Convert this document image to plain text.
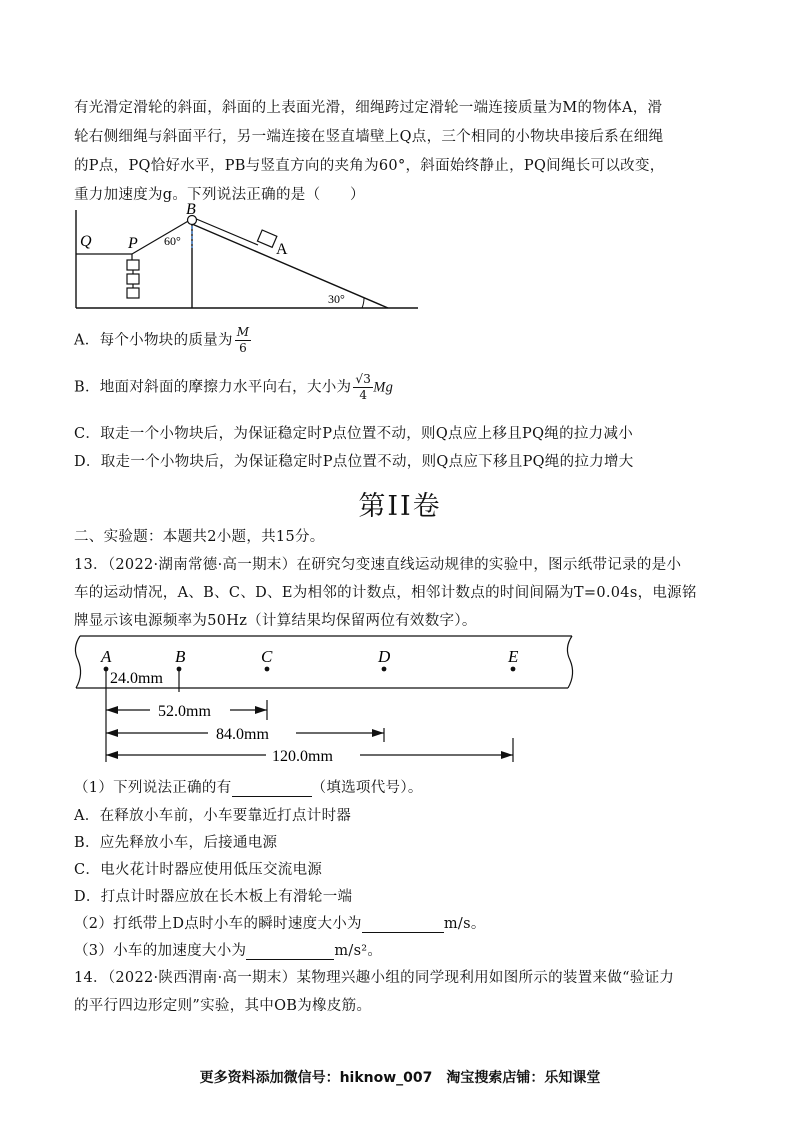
有光滑定滑轮的斜面，斜面的上表面光滑，细绳跨过定滑轮一端连接质量为M的物体A，滑
轮右侧细绳与斜面平行，另一端连接在竖直墙壁上Q点，三个相同的小物块串接后系在细绳
的P点，PQ恰好水平，PB与竖直方向的夹角为60°，斜面始终静止，PQ间绳长可以改变，
重力加速度为g。下列说法正确的是（　　）
Q P
B
A
60°
30°
A．每个小物块的质量为 $\frac{M}{6}$
B．地面对斜面的摩擦力水平向右，大小为 $\frac{√3}{4}$ Mg
C．取走一个小物块后，为保证稳定时P点位置不动，则Q点应上移且PQ绳的拉力减小
D．取走一个小物块后，为保证稳定时P点位置不动，则Q点应下移且PQ绳的拉力增大
第II卷
二、实验题：本题共2小题，共15分。
13．（2022·湖南常德·高一期末）在研究匀变速直线运动规律的实验中，图示纸带记录的是小
车的运动情况，A、B、C、D、E为相邻的计数点，相邻计数点的时间间隔为T=0.04s，电源铭
牌显示该电源频率为50Hz（计算结果均保留两位有效数字）。
A	B	C	D	E
24.0mm
52.0mm
84.0mm
120.0mm
（1）下列说法正确的有	（填选项代号）。
A．在释放小车前，小车要靠近打点计时器
B．应先释放小车，后接通电源
C．电火花计时器应使用低压交流电源
D．打点计时器应放在长木板上有滑轮一端
（2）打纸带上D点时小车的瞬时速度大小为	m/s。
（3）小车的加速度大小为	m/s²。
14．（2022·陕西渭南·高一期末）某物理兴趣小组的同学现利用如图所示的装置来做“验证力
的平行四边形定则”实验，其中OB为橡皮筋。
更多资料添加微信号：hiknow_007　淘宝搜索店铺：乐知课堂
